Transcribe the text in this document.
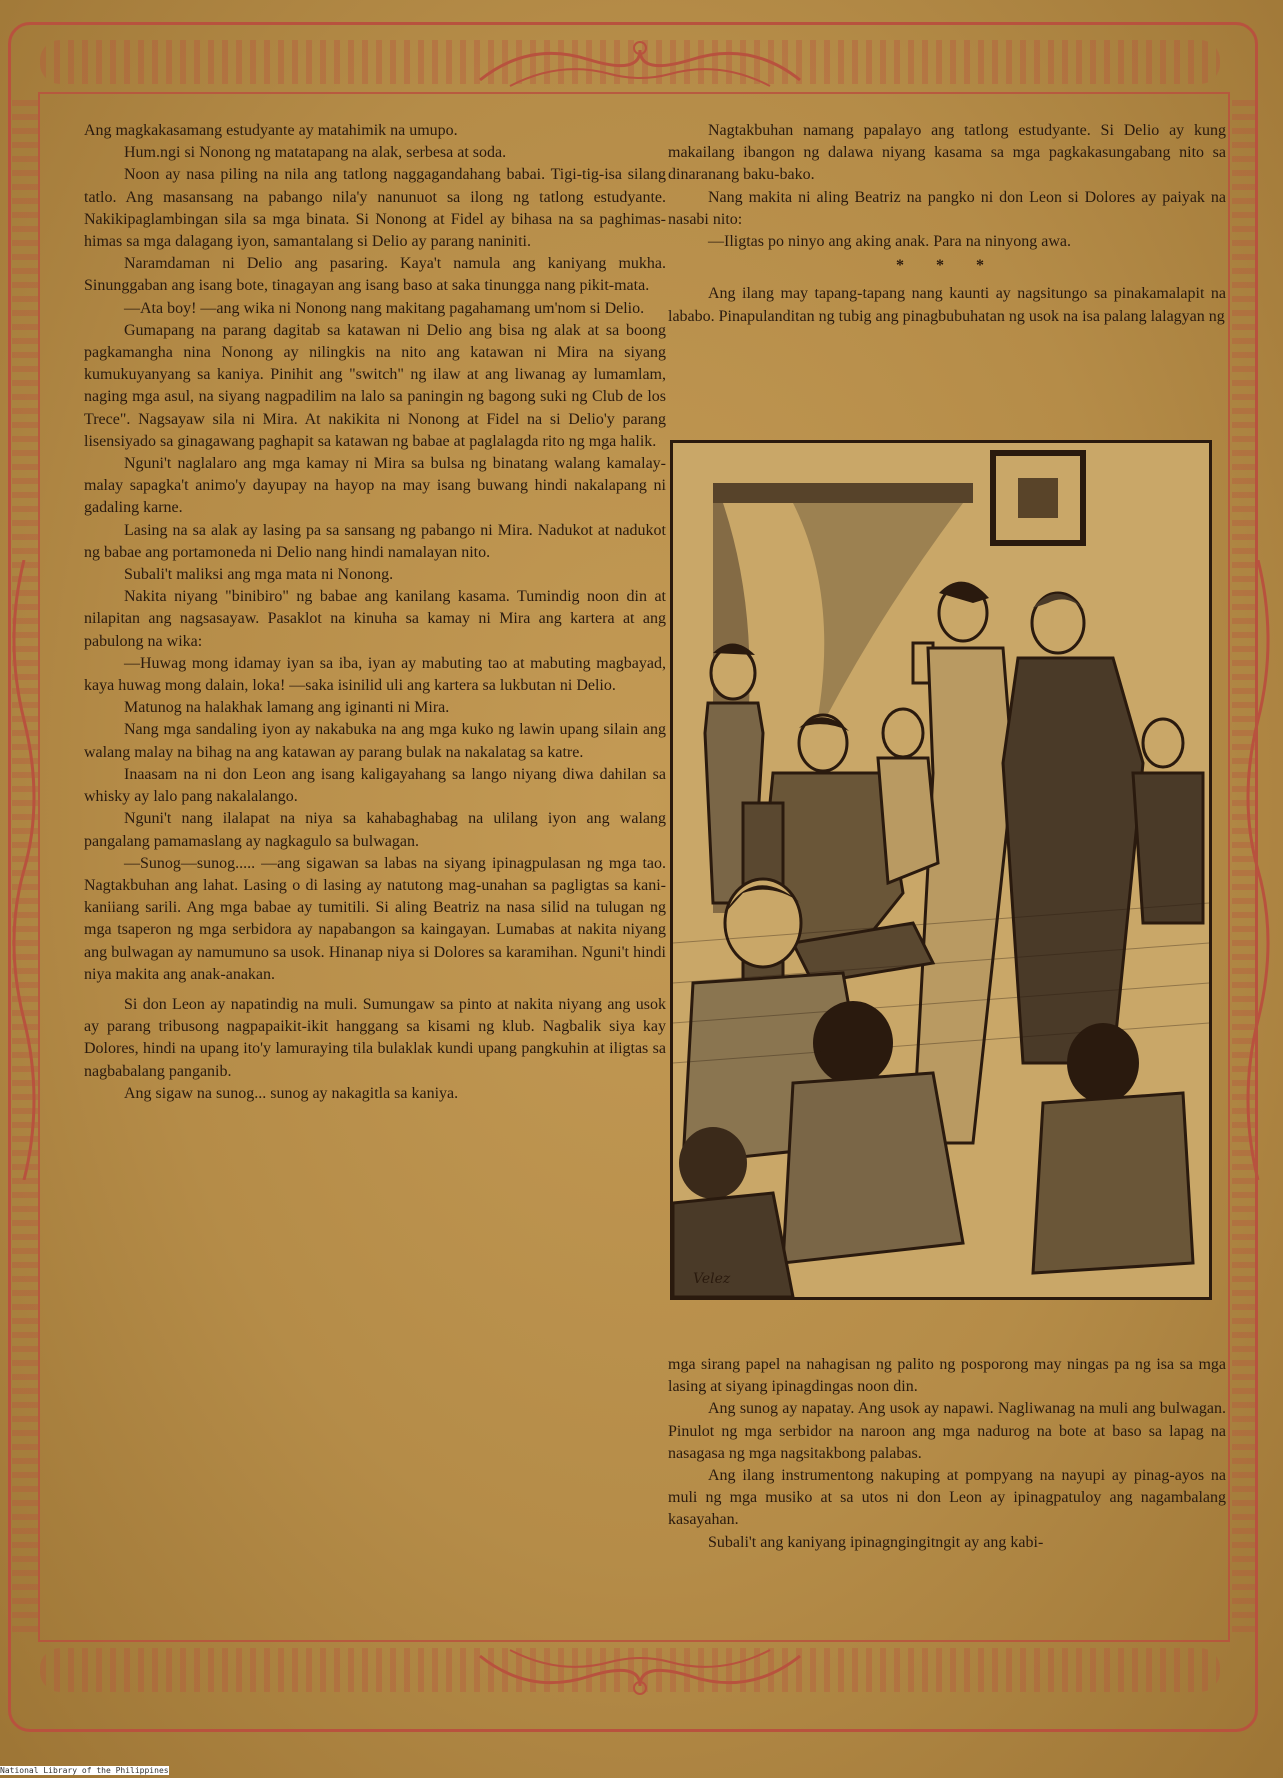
Ang magkakasamang estudyante ay matahimik na umupo.

Hum.ngi si Nonong ng matatapang na alak, serbesa at soda.

Noon ay nasa piling na nila ang tatlong naggagandahang babai. Tigi-tig-isa silang tatlo. Ang masansang na pabango nila'y nanunuot sa ilong ng tatlong estudyante. Nakikipaglambingan sila sa mga binata. Si Nonong at Fidel ay bihasa na sa paghimas-himas sa mga dalagang iyon, samantalang si Delio ay parang naniniti.

Naramdaman ni Delio ang pasaring. Kaya't namula ang kaniyang mukha. Sinunggaban ang isang bote, tinagayan ang isang baso at saka tinungga nang pikit-mata.

—Ata boy! —ang wika ni Nonong nang makitang pagahamang um'nom si Delio.

Gumapang na parang dagitab sa katawan ni Delio ang bisa ng alak at sa boong pagkamangha nina Nonong ay nilingkis na nito ang katawan ni Mira na siyang kumukuyanyang sa kaniya. Pinihit ang "switch" ng ilaw at ang liwanag ay lumamlam, naging mga asul, na siyang nagpadilim na lalo sa paningin ng bagong suki ng Club de los Trece". Nagsayaw sila ni Mira. At nakikita ni Nonong at Fidel na si Delio'y parang lisensiyado sa ginagawang paghapit sa katawan ng babae at paglalagda rito ng mga halik.

Nguni't naglalaro ang mga kamay ni Mira sa bulsa ng binatang walang kamalay-malay sapagka't animo'y dayupay na hayop na may isang buwang hindi nakalapang ni gadaling karne.

Lasing na sa alak ay lasing pa sa sansang ng pabango ni Mira. Nadukot at nadukot ng babae ang portamoneda ni Delio nang hindi namalayan nito.

Subali't maliksi ang mga mata ni Nonong.

Nakita niyang "binibiro" ng babae ang kanilang kasama. Tumindig noon din at nilapitan ang nagsasayaw. Pasaklot na kinuha sa kamay ni Mira ang kartera at ang pabulong na wika:

—Huwag mong idamay iyan sa iba, iyan ay mabuting tao at mabuting magbayad, kaya huwag mong dalain, loka! —saka isinilid uli ang kartera sa lukbutan ni Delio.

Matunog na halakhak lamang ang iginanti ni Mira.

Nang mga sandaling iyon ay nakabuka na ang mga kuko ng lawin upang silain ang walang malay na bihag na ang katawan ay parang bulak na nakalatag sa katre.

Inaasam na ni don Leon ang isang kaligayahang sa lango niyang diwa dahilan sa whisky ay lalo pang nakalalango.

Nguni't nang ilalapat na niya sa kahabaghabag na ulilang iyon ang walang pangalang pamamaslang ay nagkagulo sa bulwagan.

—Sunog—sunog..... —ang sigawan sa labas na siyang ipinagpulasan ng mga tao. Nagtakbuhan ang lahat. Lasing o di lasing ay natutong mag-unahan sa pagligtas sa kani-kaniiang sarili. Ang mga babae ay tumitili. Si aling Beatriz na nasa silid na tulugan ng mga tsaperon ng mga serbidora ay napabangon sa kaingayan. Lumabas at nakita niyang ang bulwagan ay namumuno sa usok. Hinanap niya si Dolores sa karamihan. Nguni't hindi niya makita ang anak-anakan.

Si don Leon ay napatindig na muli. Sumungaw sa pinto at nakita niyang ang usok ay parang tribusong nagpapaikit-ikit hanggang sa kisami ng klub. Nagbalik siya kay Dolores, hindi na upang ito'y lamuraying tila bulaklak kundi upang pangkuhin at iligtas sa nagbabalang panganib.

Ang sigaw na sunog... sunog ay nakagitla sa kaniya.

Nagtakbuhan namang papalayo ang tatlong estudyante. Si Delio ay kung makailang ibangon ng dalawa niyang kasama sa mga pagkakasungabang nito sa dinaranang baku-bako.

Nang makita ni aling Beatriz na pangko ni don Leon si Dolores ay paiyak na nasabi nito:

—Iligtas po ninyo ang aking anak. Para na ninyong awa.

* * *

Ang ilang may tapang-tapang nang kaunti ay nagsitungo sa pinakamalapit na lababo. Pinapulanditan ng tubig ang pinagbubuhatan ng usok na isa palang lalagyan ng

Velez

mga sirang papel na nahagisan ng palito ng posporong may ningas pa ng isa sa mga lasing at siyang ipinagdingas noon din.

Ang sunog ay napatay. Ang usok ay napawi. Nagliwanag na muli ang bulwagan. Pinulot ng mga serbidor na naroon ang mga nadurog na bote at baso sa lapag na nasagasa ng mga nagsitakbong palabas.

Ang ilang instrumentong nakuping at pompyang na nayupi ay pinag-ayos na muli ng mga musiko at sa utos ni don Leon ay ipinagpatuloy ang nagambalang kasayahan.

Subali't ang kaniyang ipinagngingitngit ay ang kabi-

National Library of the Philippines
